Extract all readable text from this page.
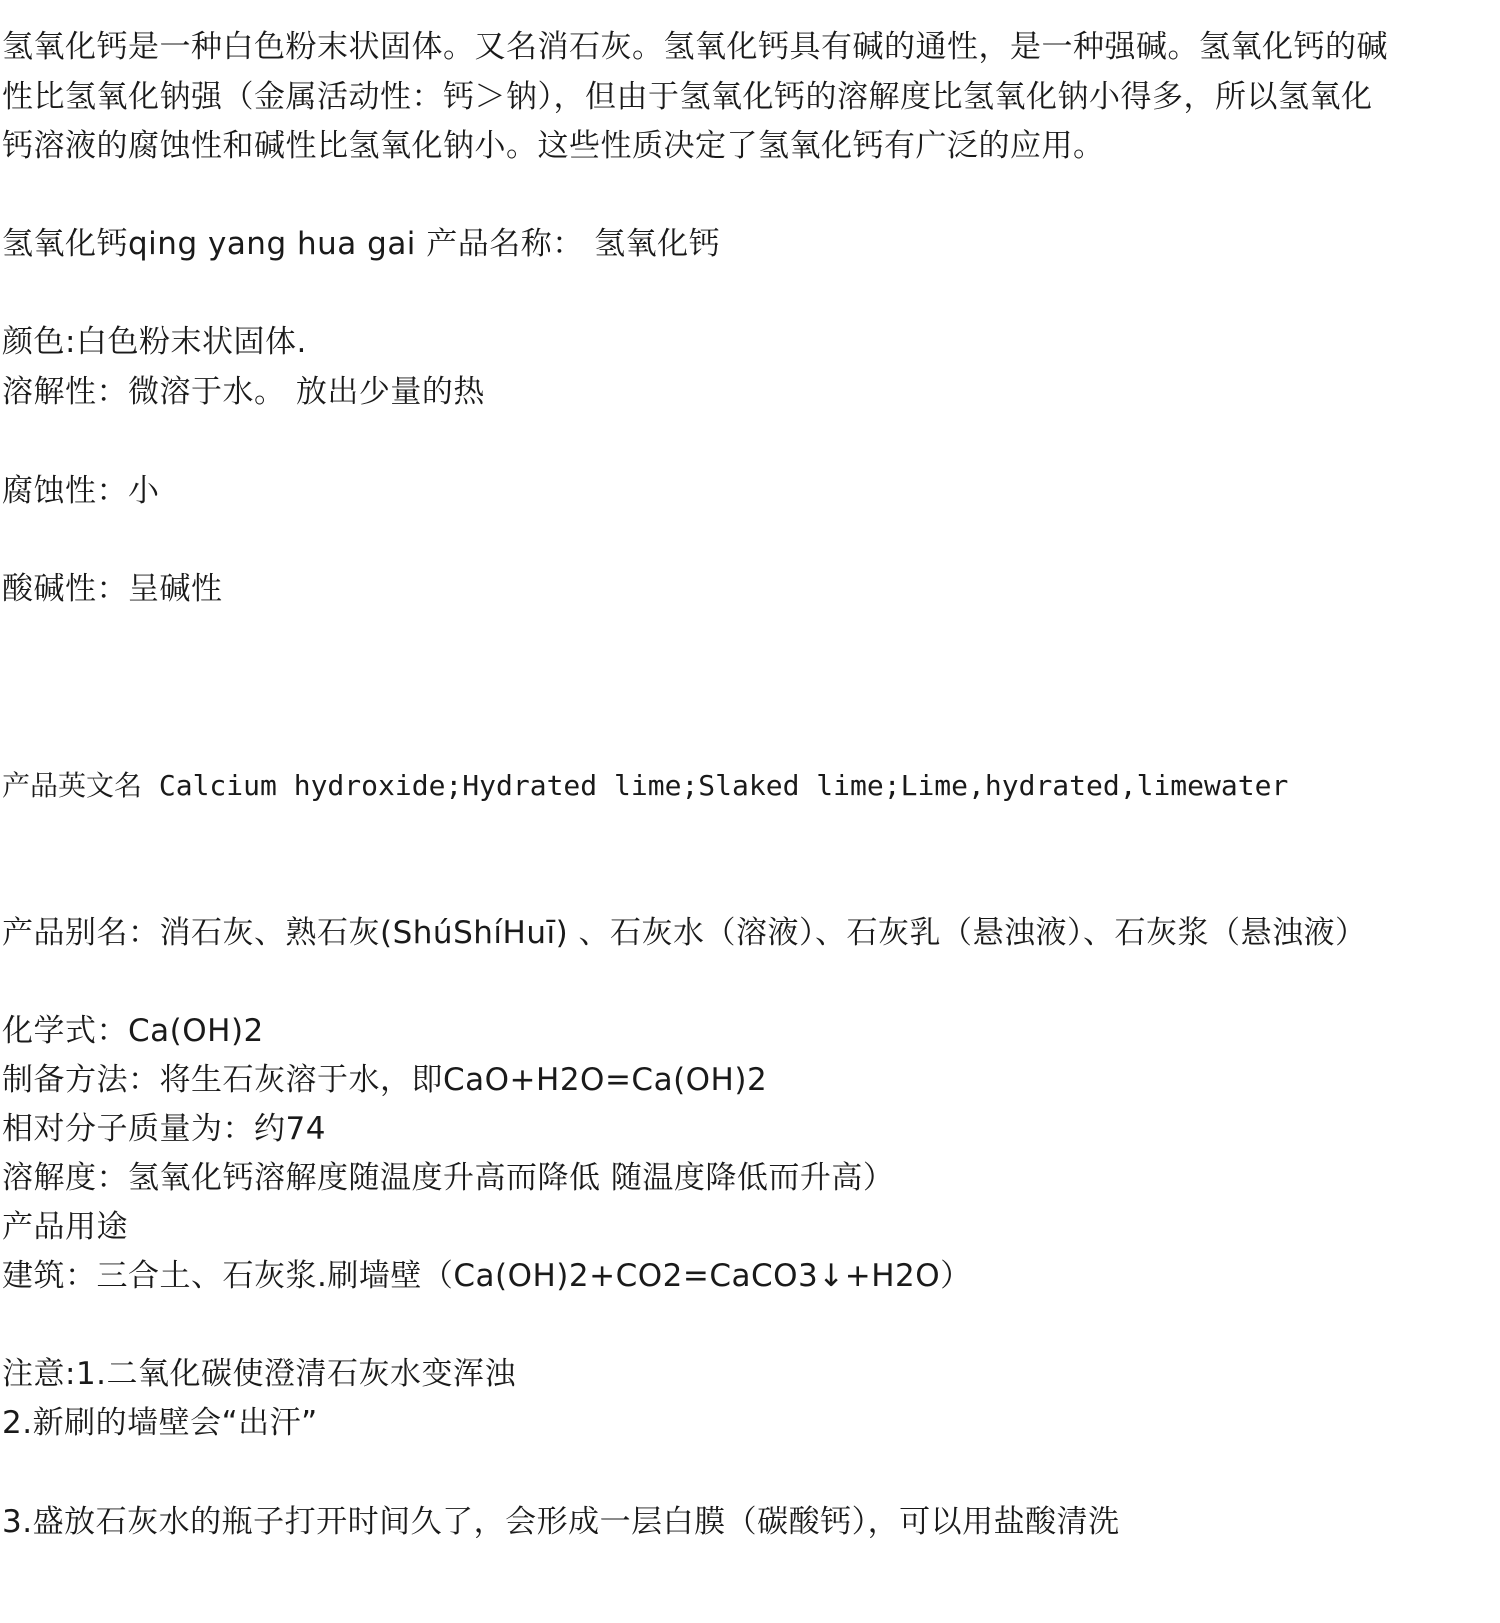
氢氧化钙是一种白色粉末状固体。又名消石灰。氢氧化钙具有碱的通性，是一种强碱。氢氧化钙的碱
性比氢氧化钠强（金属活动性：钙＞钠），但由于氢氧化钙的溶解度比氢氧化钠小得多，所以氢氧化
钙溶液的腐蚀性和碱性比氢氧化钠小。这些性质决定了氢氧化钙有广泛的应用。
氢氧化钙qing yang hua gai 产品名称： 氢氧化钙
颜色:白色粉末状固体.
溶解性：微溶于水。 放出少量的热
腐蚀性：小
酸碱性：呈碱性
产品英文名 Calcium hydroxide;Hydrated lime;Slaked lime;Lime,hydrated,limewater
产品别名：消石灰、熟石灰(ShúShíHuī) 、石灰水（溶液）、石灰乳（悬浊液）、石灰浆（悬浊液）
化学式：Ca(OH)2
制备方法：将生石灰溶于水，即CaO+H2O=Ca(OH)2
相对分子质量为：约74
溶解度：氢氧化钙溶解度随温度升高而降低 随温度降低而升高）
产品用途
建筑：三合土、石灰浆.刷墙壁（Ca(OH)2+CO2=CaCO3↓+H2O）
注意:1.二氧化碳使澄清石灰水变浑浊
2.新刷的墙壁会“出汗”
3.盛放石灰水的瓶子打开时间久了，会形成一层白膜（碳酸钙），可以用盐酸清洗
